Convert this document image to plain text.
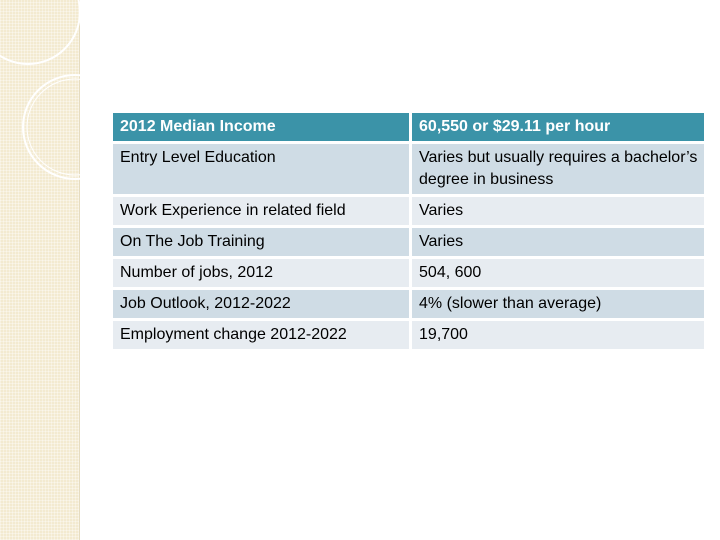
2012 Median Income	60,550 or $29.11 per hour
Entry Level Education	Varies but usually requires a bachelor’s degree in business
Work Experience in related field	Varies
On The Job Training	Varies
Number of jobs, 2012	504, 600
Job Outlook, 2012-2022	4% (slower than average)
Employment change 2012-2022	19,700
